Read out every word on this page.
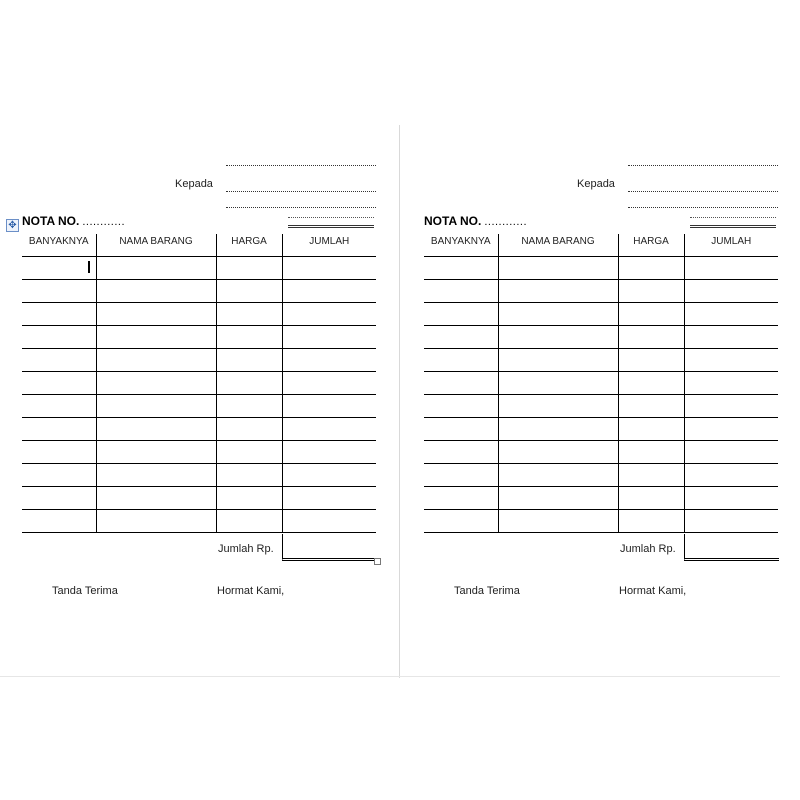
✥
Kepada
NOTA NO. ............
BANYAKNYA	NAMA BARANG	HARGA	JUMLAH

Jumlah Rp.
Tanda Terima	Hormat Kami,
Kepada
NOTA NO. ............
BANYAKNYA	NAMA BARANG	HARGA	JUMLAH

Jumlah Rp.
Tanda Terima	Hormat Kami,
